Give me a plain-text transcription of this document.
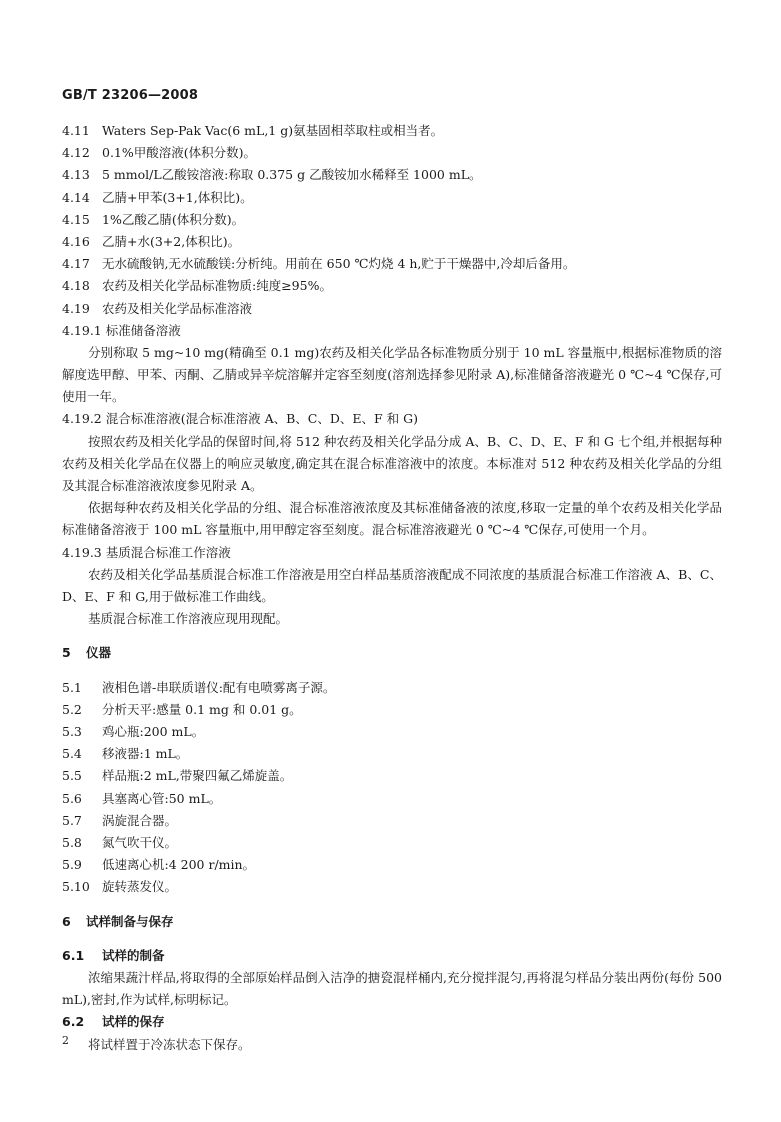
GB/T 23206—2008
4.11 Waters Sep-Pak Vac(6 mL,1 g)氨基固相萃取柱或相当者。
4.12 0.1%甲酸溶液(体积分数)。
4.13 5 mmol/L乙酸铵溶液:称取 0.375 g 乙酸铵加水稀释至 1000 mL。
4.14 乙腈+甲苯(3+1,体积比)。
4.15 1%乙酸乙腈(体积分数)。
4.16 乙腈+水(3+2,体积比)。
4.17 无水硫酸钠,无水硫酸镁:分析纯。用前在 650 ℃灼烧 4 h,贮于干燥器中,冷却后备用。
4.18 农药及相关化学品标准物质:纯度≥95%。
4.19 农药及相关化学品标准溶液
4.19.1 标准储备溶液
分别称取 5 mg~10 mg(精确至 0.1 mg)农药及相关化学品各标准物质分别于 10 mL 容量瓶中,根据标准物质的溶解度选甲醇、甲苯、丙酮、乙腈或异辛烷溶解并定容至刻度(溶剂选择参见附录 A),标准储备溶液避光 0 ℃~4 ℃保存,可使用一年。
4.19.2 混合标准溶液(混合标准溶液 A、B、C、D、E、F 和 G)
按照农药及相关化学品的保留时间,将 512 种农药及相关化学品分成 A、B、C、D、E、F 和 G 七个组,并根据每种农药及相关化学品在仪器上的响应灵敏度,确定其在混合标准溶液中的浓度。本标准对 512 种农药及相关化学品的分组及其混合标准溶液浓度参见附录 A。
依据每种农药及相关化学品的分组、混合标准溶液浓度及其标准储备液的浓度,移取一定量的单个农药及相关化学品标准储备溶液于 100 mL 容量瓶中,用甲醇定容至刻度。混合标准溶液避光 0 ℃~4 ℃保存,可使用一个月。
4.19.3 基质混合标准工作溶液
农药及相关化学品基质混合标准工作溶液是用空白样品基质溶液配成不同浓度的基质混合标准工作溶液 A、B、C、D、E、F 和 G,用于做标准工作曲线。
基质混合标准工作溶液应现用现配。
5 仪器
5.1 液相色谱-串联质谱仪:配有电喷雾离子源。
5.2 分析天平:感量 0.1 mg 和 0.01 g。
5.3 鸡心瓶:200 mL。
5.4 移液器:1 mL。
5.5 样品瓶:2 mL,带聚四氟乙烯旋盖。
5.6 具塞离心管:50 mL。
5.7 涡旋混合器。
5.8 氮气吹干仪。
5.9 低速离心机:4 200 r/min。
5.10 旋转蒸发仪。
6 试样制备与保存
6.1 试样的制备
浓缩果蔬汁样品,将取得的全部原始样品倒入洁净的搪瓷混样桶内,充分搅拌混匀,再将混匀样品分装出两份(每份 500 mL),密封,作为试样,标明标记。
6.2 试样的保存
将试样置于冷冻状态下保存。
2
